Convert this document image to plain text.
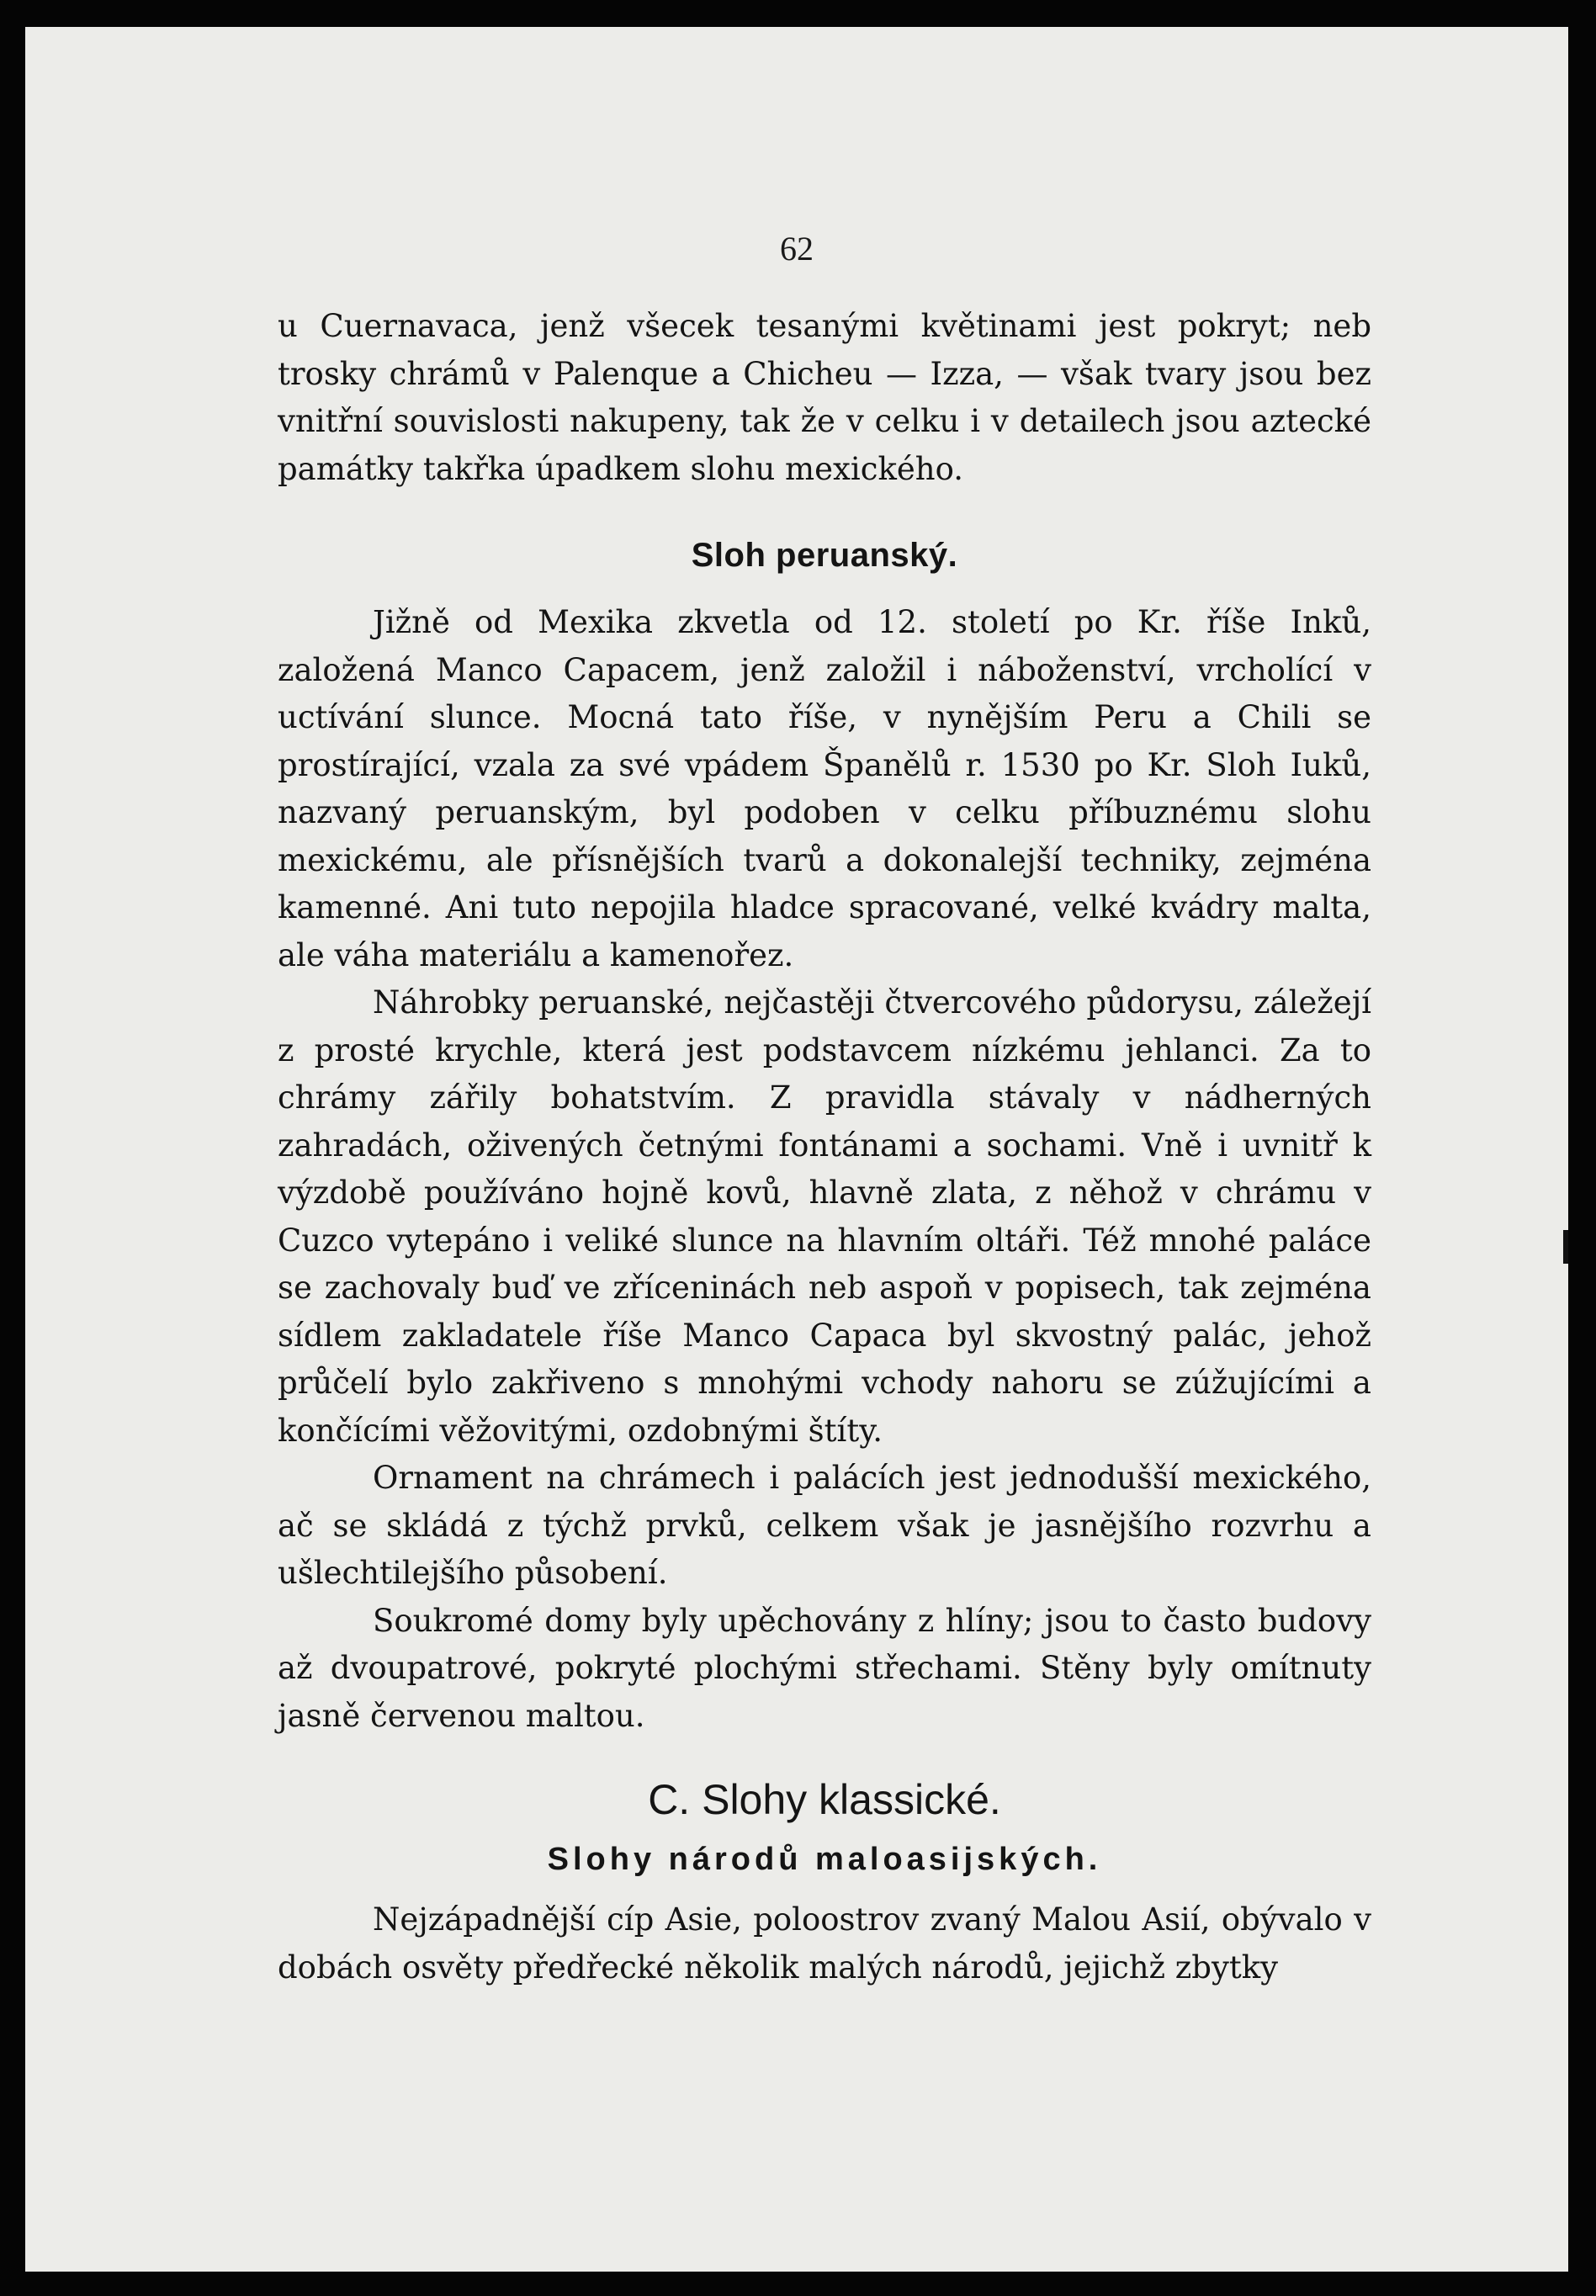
62

u Cuernavaca, jenž všecek tesanými květinami jest pokryt; neb trosky chrámů v Palenque a Chicheu — Izza, — však tvary jsou bez vnitřní souvislosti nakupeny, tak že v celku i v detailech jsou aztecké památky takřka úpadkem slohu mexického.

Sloh peruanský.

Jižně od Mexika zkvetla od 12. století po Kr. říše Inků, založená Manco Capacem, jenž založil i náboženství, vrcholící v uctívání slunce. Mocná tato říše, v nynějším Peru a Chili se prostírající, vzala za své vpádem Španělů r. 1530 po Kr. Sloh Iuků, nazvaný peruanským, byl podoben v celku příbuznému slohu mexickému, ale přísnějších tvarů a dokonalejší techniky, zejména kamenné. Ani tuto nepojila hladce spracované, velké kvádry malta, ale váha materiálu a kamenořez.

Náhrobky peruanské, nejčastěji čtvercového půdorysu, záležejí z prosté krychle, která jest podstavcem nízkému jehlanci. Za to chrámy zářily bohatstvím. Z pravidla stávaly v nádherných zahradách, oživených četnými fontánami a sochami. Vně i uvnitř k výzdobě používáno hojně kovů, hlavně zlata, z něhož v chrámu v Cuzco vytepáno i veliké slunce na hlavním oltáři. Též mnohé paláce se zachovaly buď ve zříceninách neb aspoň v popisech, tak zejména sídlem zakladatele říše Manco Capaca byl skvostný palác, jehož průčelí bylo zakřiveno s mnohými vchody nahoru se zúžujícími a končícími věžovitými, ozdobnými štíty.

Ornament na chrámech i palácích jest jednodušší mexického, ač se skládá z týchž prvků, celkem však je jasnějšího rozvrhu a ušlechtilejšího působení.

Soukromé domy byly upěchovány z hlíny; jsou to často budovy až dvoupatrové, pokryté plochými střechami. Stěny byly omítnuty jasně červenou maltou.

C. Slohy klassické.
Slohy národů maloasijských.

Nejzápadnější cíp Asie, poloostrov zvaný Malou Asií, obývalo v dobách osvěty předřecké několik malých národů, jejichž zbytky
